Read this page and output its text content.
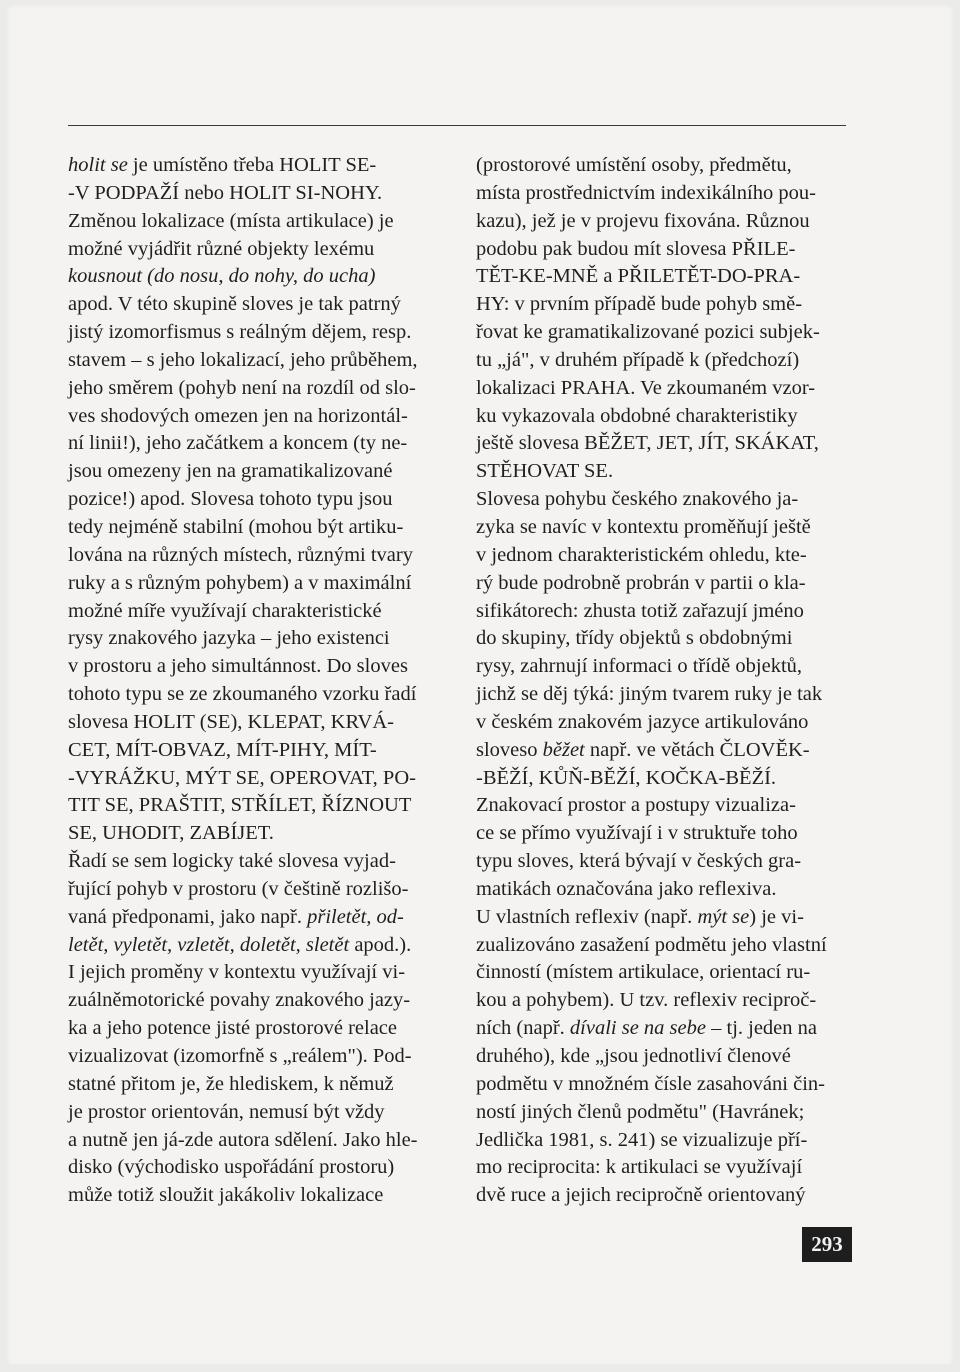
holit se je umístěno třeba HOLIT SE-
-V PODPAŽÍ nebo HOLIT SI-NOHY.
Změnou lokalizace (místa artikulace) je
možné vyjádřit různé objekty lexému
kousnout (do nosu, do nohy, do ucha)
apod. V této skupině sloves je tak patrný
jistý izomorfismus s reálným dějem, resp.
stavem – s jeho lokalizací, jeho průběhem,
jeho směrem (pohyb není na rozdíl od slo-
ves shodových omezen jen na horizontál-
ní linii!), jeho začátkem a koncem (ty ne-
jsou omezeny jen na gramatikalizované
pozice!) apod. Slovesa tohoto typu jsou
tedy nejméně stabilní (mohou být artiku-
lována na různých místech, různými tvary
ruky a s různým pohybem) a v maximální
možné míře využívají charakteristické
rysy znakového jazyka – jeho existenci
v prostoru a jeho simultánnost. Do sloves
tohoto typu se ze zkoumaného vzorku řadí
slovesa HOLIT (SE), KLEPAT, KRVÁ-
CET, MÍT-OBVAZ, MÍT-PIHY, MÍT-
-VYRÁŽKU, MÝT SE, OPEROVAT, PO-
TIT SE, PRAŠTIT, STŘÍLET, ŘÍZNOUT
SE, UHODIT, ZABÍJET.
Řadí se sem logicky také slovesa vyjad-
řující pohyb v prostoru (v češtině rozlišo-
vaná předponami, jako např. přiletět, od-
letět, vyletět, vzletět, doletět, sletět apod.).
I jejich proměny v kontextu využívají vi-
zuálněmotorické povahy znakového jazy-
ka a jeho potence jisté prostorové relace
vizualizovat (izomorfně s „reálem"). Pod-
statné přitom je, že hlediskem, k němuž
je prostor orientován, nemusí být vždy
a nutně jen já-zde autora sdělení. Jako hle-
disko (východisko uspořádání prostoru)
může totiž sloužit jakákoliv lokalizace
(prostorové umístění osoby, předmětu,
místa prostřednictvím indexikálního pou-
kazu), jež je v projevu fixována. Různou
podobu pak budou mít slovesa PŘILE-
TĚT-KE-MNĚ a PŘILETĚT-DO-PRA-
HY: v prvním případě bude pohyb smě-
řovat ke gramatikalizované pozici subjek-
tu „já", v druhém případě k (předchozí)
lokalizaci PRAHA. Ve zkoumaném vzor-
ku vykazovala obdobné charakteristiky
ještě slovesa BĚŽET, JET, JÍT, SKÁKAT,
STĚHOVAT SE.
Slovesa pohybu českého znakového ja-
zyka se navíc v kontextu proměňují ještě
v jednom charakteristickém ohledu, kte-
rý bude podrobně probrán v partii o kla-
sifikátorech: zhusta totiž zařazují jméno
do skupiny, třídy objektů s obdobnými
rysy, zahrnují informaci o třídě objektů,
jichž se děj týká: jiným tvarem ruky je tak
v českém znakovém jazyce artikulováno
sloveso běžet např. ve větách ČLOVĚK-
-BĚŽÍ, KŮŇ-BĚŽÍ, KOČKA-BĚŽÍ.
Znakovací prostor a postupy vizualiza-
ce se přímo využívají i v struktuře toho
typu sloves, která bývají v českých gra-
matikách označována jako reflexiva.
U vlastních reflexiv (např. mýt se) je vi-
zualizováno zasažení podmětu jeho vlastní
činností (místem artikulace, orientací ru-
kou a pohybem). U tzv. reflexiv reciproč-
ních (např. dívali se na sebe – tj. jeden na
druhého), kde „jsou jednotliví členové
podmětu v množném čísle zasahováni čin-
ností jiných členů podmětu" (Havránek;
Jedlička 1981, s. 241) se vizualizuje pří-
mo reciprocita: k artikulaci se využívají
dvě ruce a jejich recipročně orientovaný
293
